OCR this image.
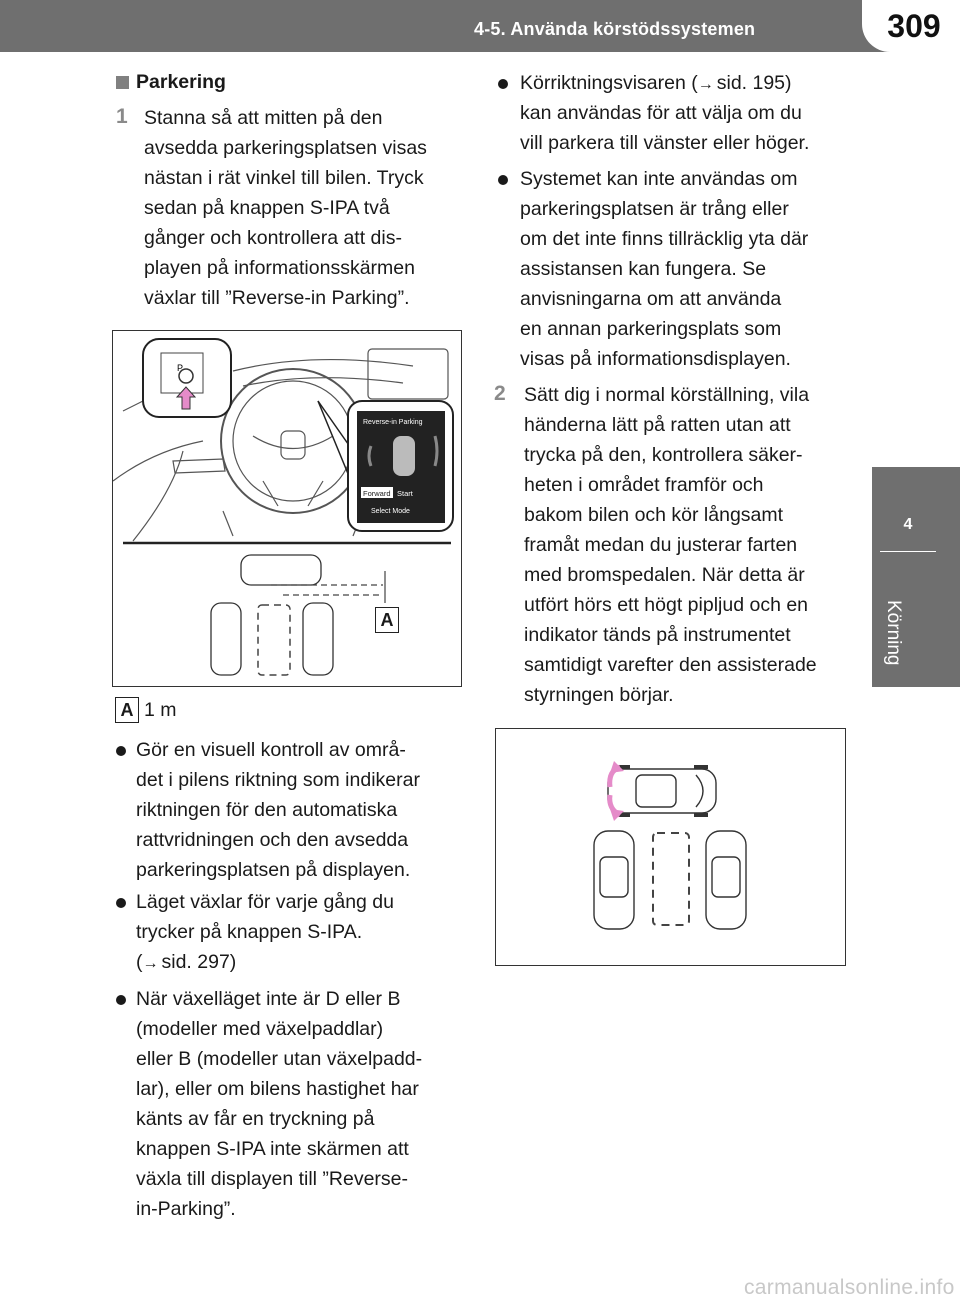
4-5. Använda körstödssystemen	309
4
Körning
Parkering
1 Stanna så att mitten på den
avsedda parkeringsplatsen visas
nästan i rät vinkel till bilen. Tryck
sedan på knappen S-IPA två
gånger och kontrollera att dis-
playen på informationsskärmen
växlar till ”Reverse-in Parking”.
P
Reverse-in Parking
Forward Start
Select Mode
A
A 1 m
Gör en visuell kontroll av områ-
det i pilens riktning som indikerar
riktningen för den automatiska
rattvridningen och den avsedda
parkeringsplatsen på displayen.
Läget växlar för varje gång du
trycker på knappen S-IPA.
(→ sid. 297)
När växelläget inte är D eller B
(modeller med växelpaddlar)
eller B (modeller utan växelpadd-
lar), eller om bilens hastighet har
känts av får en tryckning på
knappen S-IPA inte skärmen att
växla till displayen till ”Reverse-
in-Parking”.
Körriktningsvisaren (→ sid. 195)
kan användas för att välja om du
vill parkera till vänster eller höger.
Systemet kan inte användas om
parkeringsplatsen är trång eller
om det inte finns tillräcklig yta där
assistansen kan fungera. Se
anvisningarna om att använda
en annan parkeringsplats som
visas på informationsdisplayen.
2 Sätt dig i normal körställning, vila
händerna lätt på ratten utan att
trycka på den, kontrollera säker-
heten i området framför och
bakom bilen och kör långsamt
framåt medan du justerar farten
med bromspedalen. När detta är
utfört hörs ett högt pipljud och en
indikator tänds på instrumentet
samtidigt varefter den assisterade
styrningen börjar.
carmanualsonline.info
